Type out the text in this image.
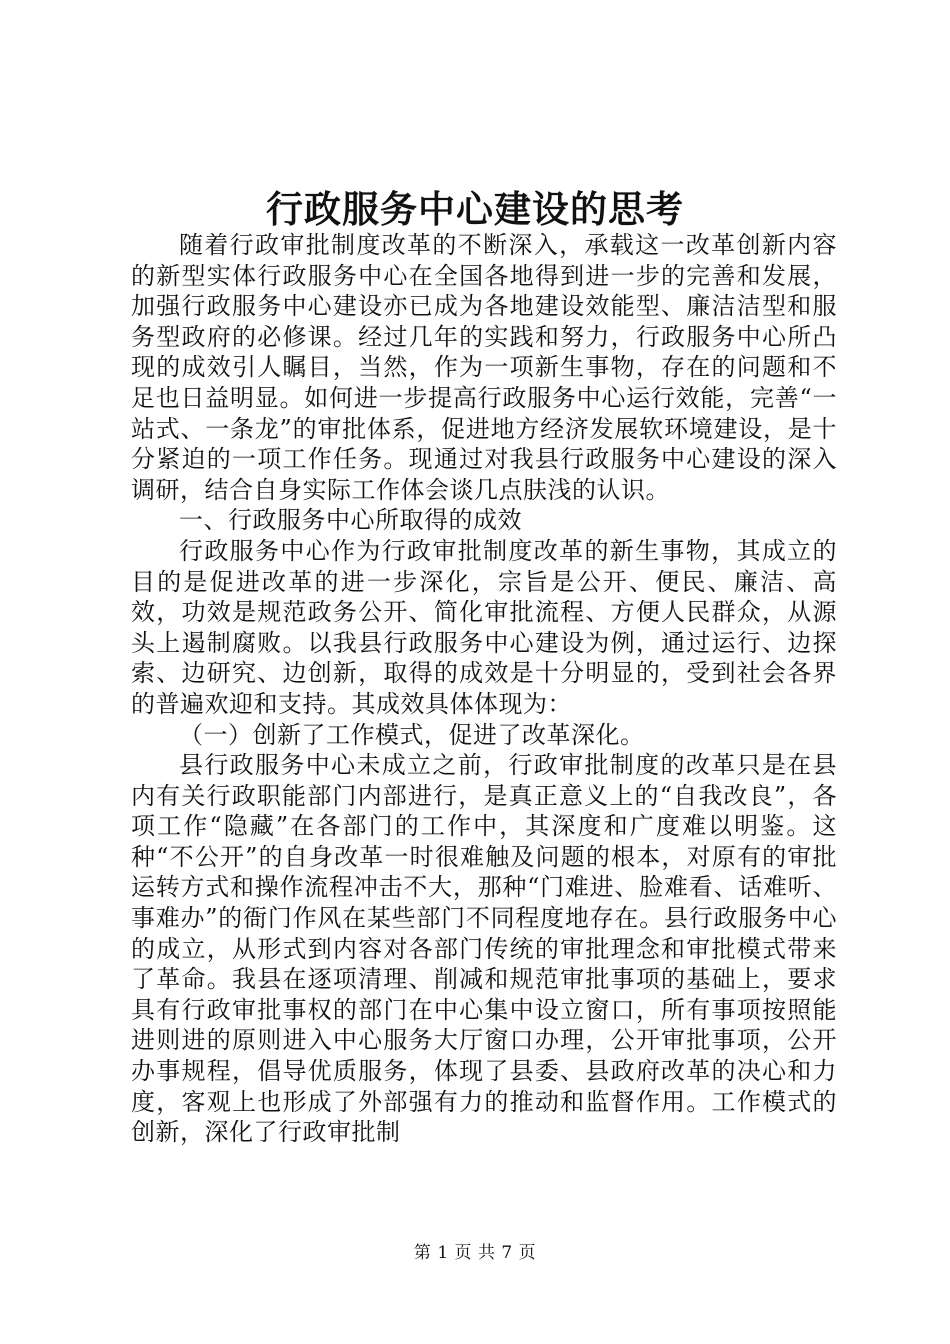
行政服务中心建设的思考

随着行政审批制度改革的不断深入，承载这一改革创新内容的新型实体行政服务中心在全国各地得到进一步的完善和发展，加强行政服务中心建设亦已成为各地建设效能型、廉洁洁型和服务型政府的必修课。经过几年的实践和努力，行政服务中心所凸现的成效引人瞩目，当然，作为一项新生事物，存在的问题和不足也日益明显。如何进一步提高行政服务中心运行效能，完善“一站式、一条龙”的审批体系，促进地方经济发展软环境建设，是十分紧迫的一项工作任务。现通过对我县行政服务中心建设的深入调研，结合自身实际工作体会谈几点肤浅的认识。

一、行政服务中心所取得的成效

行政服务中心作为行政审批制度改革的新生事物，其成立的目的是促进改革的进一步深化，宗旨是公开、便民、廉洁、高效，功效是规范政务公开、简化审批流程、方便人民群众，从源头上遏制腐败。以我县行政服务中心建设为例，通过运行、边探索、边研究、边创新，取得的成效是十分明显的，受到社会各界的普遍欢迎和支持。其成效具体体现为：

（一）创新了工作模式，促进了改革深化。

县行政服务中心未成立之前，行政审批制度的改革只是在县内有关行政职能部门内部进行，是真正意义上的“自我改良”，各项工作“隐藏”在各部门的工作中，其深度和广度难以明鉴。这种“不公开”的自身改革一时很难触及问题的根本，对原有的审批运转方式和操作流程冲击不大，那种“门难进、脸难看、话难听、事难办”的衙门作风在某些部门不同程度地存在。县行政服务中心的成立，从形式到内容对各部门传统的审批理念和审批模式带来了革命。我县在逐项清理、削减和规范审批事项的基础上，要求具有行政审批事权的部门在中心集中设立窗口，所有事项按照能进则进的原则进入中心服务大厅窗口办理，公开审批事项，公开办事规程，倡导优质服务，体现了县委、县政府改革的决心和力度，客观上也形成了外部强有力的推动和监督作用。工作模式的创新，深化了行政审批制

第 1 页 共 7 页
